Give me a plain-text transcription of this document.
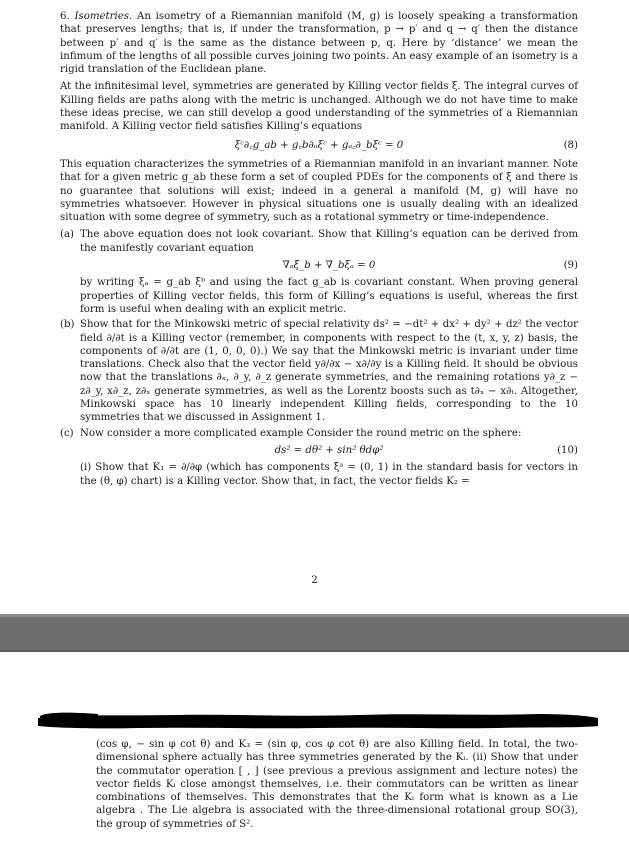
6. Isometries. An isometry of a Riemannian manifold (M, g) is loosely speaking a transformation that preserves lengths; that is, if under the transformation, p → p′ and q → q′ then the distance between p′ and q′ is the same as the distance between p, q. Here by ‘distance’ we mean the infimum of the lengths of all possible curves joining two points. An easy example of an isometry is a rigid translation of the Euclidean plane.

At the infinitesimal level, symmetries are generated by Killing vector fields ξ. The integral curves of Killing fields are paths along with the metric is unchanged. Although we do not have time to make these ideas precise, we can still develop a good understanding of the symmetries of a Riemannian manifold. A Killing vector field satisfies Killing’s equations

ξᶜ∂꜀g_ab + g꜀b∂ₐξᶜ + gₐ꜀∂_bξᶜ = 0	(8)

This equation characterizes the symmetries of a Riemannian manifold in an invariant manner. Note that for a given metric g_ab these form a set of coupled PDEs for the components of ξ and there is no guarantee that solutions will exist; indeed in a general a manifold (M, g) will have no symmetries whatsoever. However in physical situations one is usually dealing with an idealized situation with some degree of symmetry, such as a rotational symmetry or time-independence.

(a) The above equation does not look covariant. Show that Killing’s equation can be derived from the manifestly covariant equation
∇ₐξ_b + ∇_bξₐ = 0	(9)
by writing ξₐ = g_ab ξᵇ and using the fact g_ab is covariant constant. When proving general properties of Killing vector fields, this form of Killing’s equations is useful, whereas the first form is useful when dealing with an explicit metric.
(b) Show that for the Minkowski metric of special relativity ds² = −dt² + dx² + dy² + dz² the vector field ∂/∂t is a Killing vector (remember, in components with respect to the (t, x, y, z) basis, the components of ∂/∂t are (1, 0, 0, 0).) We say that the Minkowski metric is invariant under time translations. Check also that the vector field y∂/∂x − x∂/∂y is a Killing field. It should be obvious now that the translations ∂ₓ, ∂_y, ∂_z generate symmetries, and the remaining rotations y∂_z − z∂_y, x∂_z, z∂ₓ generate symmetries, as well as the Lorentz boosts such as t∂ₓ − x∂ₜ. Altogether, Minkowski space has 10 linearly independent Killing fields, corresponding to the 10 symmetries that we discussed in Assignment 1.
(c) Now consider a more complicated example Consider the round metric on the sphere:
ds² = dθ² + sin² θdφ²	(10)
(i) Show that K₁ = ∂/∂φ (which has components ξᵃ = (0, 1) in the standard basis for vectors in the (θ, φ) chart) is a Killing vector. Show that, in fact, the vector fields K₂ =
2
(cos φ, − sin φ cot θ) and K₃ = (sin φ, cos φ cot θ) are also Killing field. In total, the two-dimensional sphere actually has three symmetries generated by the Kᵢ. (ii) Show that under the commutator operation [ , ] (see previous a previous assignment and lecture notes) the vector fields Kᵢ close amongst themselves, i.e. their commutators can be written as linear combinations of themselves. This demonstrates that the Kᵢ form what is known as a Lie algebra . The Lie algebra is associated with the three-dimensional rotational group SO(3), the group of symmetries of S².
